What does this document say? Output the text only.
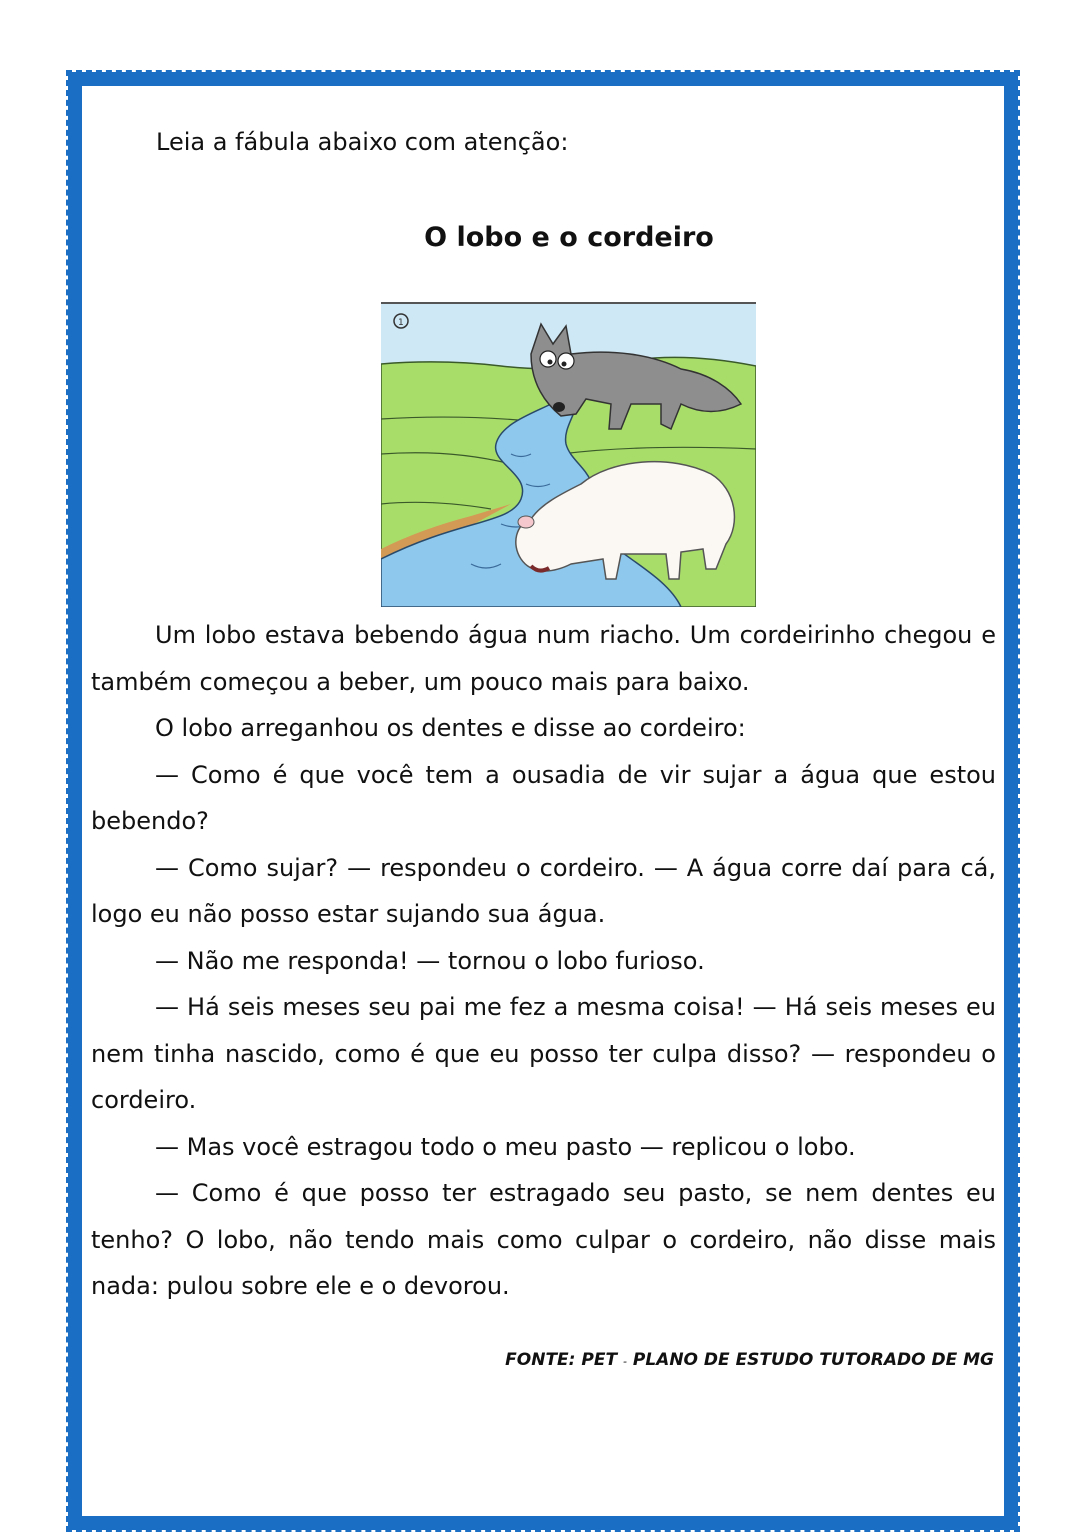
Leia a fábula abaixo com atenção:

O lobo e o cordeiro
1

Um lobo estava bebendo água num riacho. Um cordeirinho chegou e também começou a beber, um pouco mais para baixo.

O lobo arreganhou os dentes e disse ao cordeiro:

— Como é que você tem a ousadia de vir sujar a água que estou bebendo?

— Como sujar? — respondeu o cordeiro. — A água corre daí para cá, logo eu não posso estar sujando sua água.

— Não me responda! — tornou o lobo furioso.

— Há seis meses seu pai me fez a mesma coisa! — Há seis meses eu nem tinha nascido, como é que eu posso ter culpa disso? — respondeu o cordeiro.

— Mas você estragou todo o meu pasto — replicou o lobo.

— Como é que posso ter estragado seu pasto, se nem dentes eu tenho? O lobo, não tendo mais como culpar o cordeiro, não disse mais nada: pulou sobre ele e o devorou.

FONTE: PET - PLANO DE ESTUDO TUTORADO DE MG
